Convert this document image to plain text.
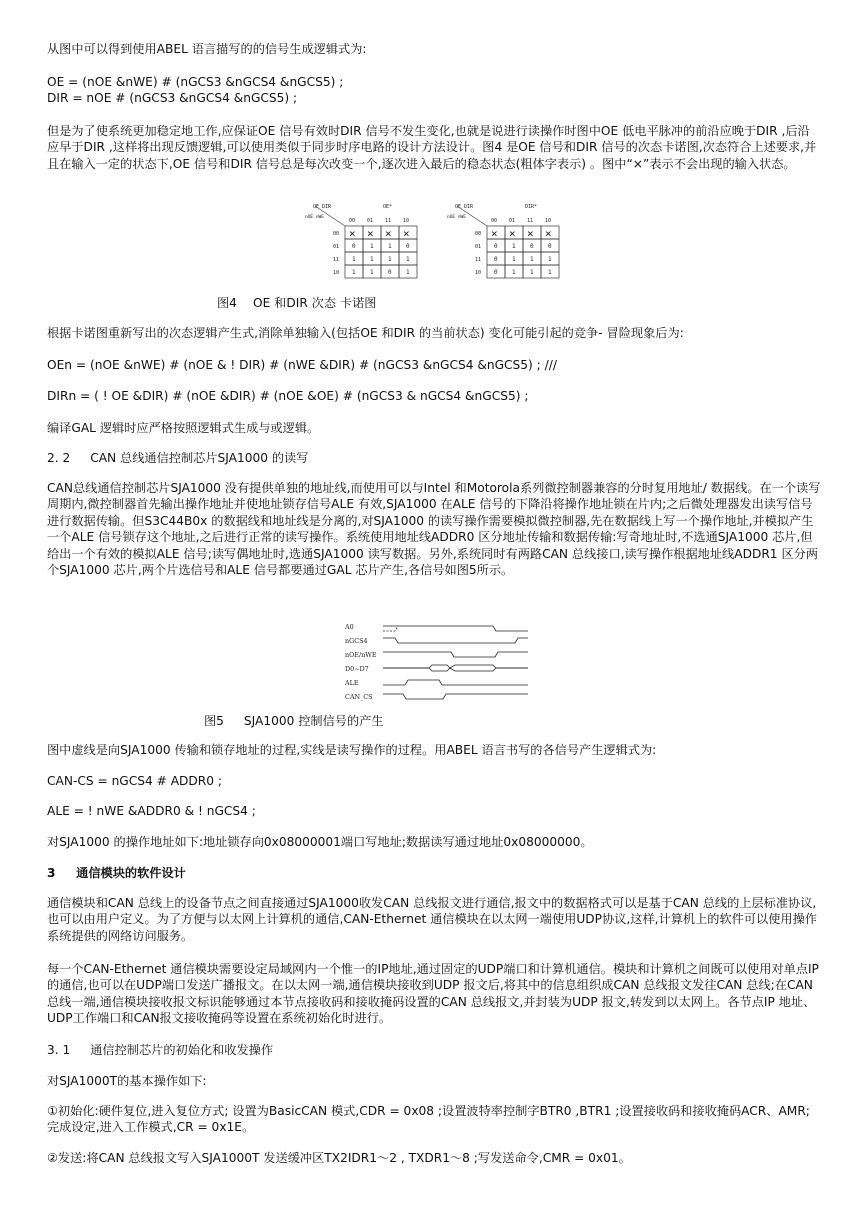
从图中可以得到使用ABEL 语言描写的的信号生成逻辑式为:

OE = (nOE &nWE) # (nGCS3 &nGCS4 &nGCS5) ;

DIR = nOE # (nGCS3 &nGCS4 &nGCS5) ;

但是为了使系统更加稳定地工作,应保证OE 信号有效时DIR 信号不发生变化,也就是说进行读操作时图中OE 低电平脉冲的前沿应晚于DIR ,后沿应早于DIR ,这样将出现反馈逻辑,可以使用类似于同步时序电路的设计方法设计。图4 是OE 信号和DIR 信号的次态卡诺图,次态符合上述要求,并且在输入一定的状态下,OE 信号和DIR 信号总是每次改变一个,逐次进入最后的稳态状态(粗体字表示) 。图中“×”表示不会出现的输入状态。

OE DIR	OE*
nOE nWE
00 01 11 10
00
01
11
10
× × × ×
0 1 1 0
1 1 1 1
1 1 0 1
OE DIR	DIR*
nOE nWE
00 01 11 10
00
01
11
10
× × × ×
0 1 0 0
0 1 1 1
0 1 1 1

图4 　OE 和DIR 次态 卡诺图

根据卡诺图重新写出的次态逻辑产生式,消除单独输入(包括OE 和DIR 的当前状态) 变化可能引起的竞争- 冒险现象后为:

OEn = (nOE &nWE) # (nOE & ! DIR) # (nWE &DIR) # (nGCS3 &nGCS4 &nGCS5) ; ///

DIRn = ( ! OE &DIR) # (nOE &DIR) # (nOE &OE) # (nGCS3 & nGCS4 &nGCS5) ;

编译GAL 逻辑时应严格按照逻辑式生成与或逻辑。

2. 2 　 CAN 总线通信控制芯片SJA1000 的读写

CAN总线通信控制芯片SJA1000 没有提供单独的地址线,而使用可以与Intel 和Motorola系列微控制器兼容的分时复用地址/ 数据线。在一个读写周期内,微控制器首先输出操作地址并使地址锁存信号ALE 有效,SJA1000 在ALE 信号的下降沿将操作地址锁在片内;之后微处理器发出读写信号进行数据传输。但S3C44B0x 的数据线和地址线是分离的,对SJA1000 的读写操作需要模拟微控制器,先在数据线上写一个操作地址,并模拟产生一个ALE 信号锁存这个地址,之后进行正常的读写操作。系统使用地址线ADDR0 区分地址传输和数据传输:写奇地址时,不选通SJA1000 芯片,但给出一个有效的模拟ALE 信号;读写偶地址时,选通SJA1000 读写数据。另外,系统同时有两路CAN 总线接口,读写操作根据地址线ADDR1 区分两个SJA1000 芯片,两个片选信号和ALE 信号都要通过GAL 芯片产生,各信号如图5所示。

A0
nGCS4
nOE/nWE
D0~D7
ALE
CAN_CS

图5 　 SJA1000 控制信号的产生

图中虚线是向SJA1000 传输和锁存地址的过程,实线是读写操作的过程。用ABEL 语言书写的各信号产生逻辑式为:

CAN-CS = nGCS4 # ADDR0 ;

ALE = ! nWE &ADDR0 & ! nGCS4 ;

对SJA1000 的操作地址如下:地址锁存向0x08000001端口写地址;数据读写通过地址0x08000000。

3 　 通信模块的软件设计

通信模块和CAN 总线上的设备节点之间直接通过SJA1000收发CAN 总线报文进行通信,报文中的数据格式可以是基于CAN 总线的上层标准协议,也可以由用户定义。为了方便与以太网上计算机的通信,CAN-Ethernet 通信模块在以太网一端使用UDP协议,这样,计算机上的软件可以使用操作系统提供的网络访问服务。

每一个CAN-Ethernet 通信模块需要设定局域网内一个惟一的IP地址,通过固定的UDP端口和计算机通信。模块和计算机之间既可以使用对单点IP的通信,也可以在UDP端口发送广播报文。在以太网一端,通信模块接收到UDP 报文后,将其中的信息组织成CAN 总线报文发往CAN 总线;在CAN 总线一端,通信模块接收报文标识能够通过本节点接收码和接收掩码设置的CAN 总线报文,并封装为UDP 报文,转发到以太网上。各节点IP 地址、UDP工作端口和CAN报文接收掩码等设置在系统初始化时进行。

3. 1 　 通信控制芯片的初始化和收发操作

对SJA1000T的基本操作如下:

①初始化:硬件复位,进入复位方式; 设置为BasicCAN 模式,CDR = 0x08 ;设置波特率控制字BTR0 ,BTR1 ;设置接收码和接收掩码ACR、AMR;完成设定,进入工作模式,CR = 0x1E。

②发送:将CAN 总线报文写入SJA1000T 发送缓冲区TX2IDR1～2 , TXDR1～8 ;写发送命令,CMR = 0x01。
